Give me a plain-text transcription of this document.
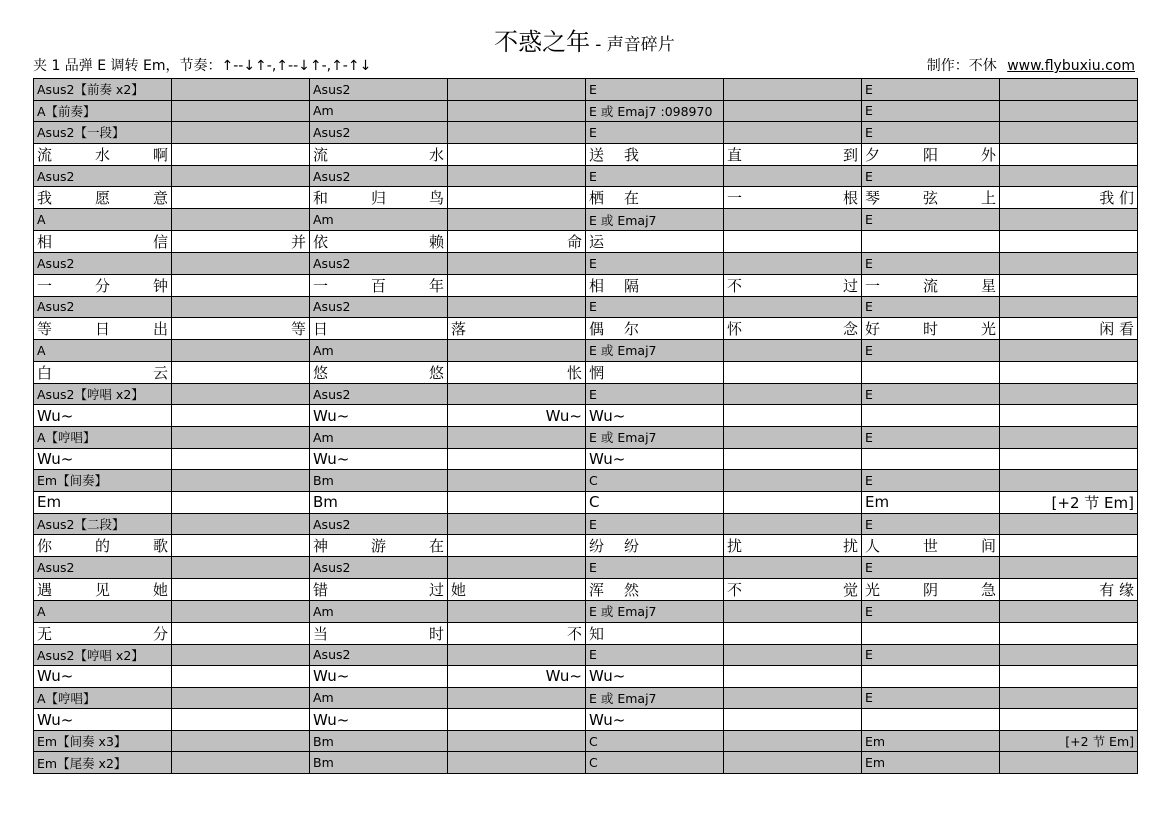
不惑之年 - 声音碎片
夹 1 品弹 E 调转 Em，节奏：↑--↓↑-,↑--↓↑-,↑-↑↓	制作：不休 www.flybuxiu.com
Asus2【前奏 x2】		Asus2		E		E	
A【前奏】		Am		E 或 Emaj7 :098970		E	
Asus2【一段】		Asus2		E		E	
流 水 啊		流 水		送 我	直 到	夕 阳 外	
Asus2		Asus2		E		E	
我 愿 意		和 归 鸟		栖 在	一 根	琴 弦 上	我 们
A		Am		E 或 Emaj7		E	
相 信	并	依 赖	命	运			
Asus2		Asus2		E		E	
一 分 钟		一 百 年		相 隔	不 过	一 流 星	
Asus2		Asus2		E		E	
等 日 出	等	日	落	偶 尔	怀 念	好 时 光	闲 看
A		Am		E 或 Emaj7		E	
白 云		悠 悠	怅	惘			
Asus2【哼唱 x2】		Asus2		E		E	
Wu~		Wu~	Wu~	Wu~			
A【哼唱】		Am		E 或 Emaj7		E	
Wu~		Wu~		Wu~			
Em【间奏】		Bm		C		E	
Em		Bm		C		Em	[+2 节 Em]
Asus2【二段】		Asus2		E		E	
你 的 歌		神 游 在		纷 纷	扰 扰	人 世 间	
Asus2		Asus2		E		E	
遇 见 她		错 过	她	浑 然	不 觉	光 阴 急	有 缘
A		Am		E 或 Emaj7		E	
无 分		当 时	不	知			
Asus2【哼唱 x2】		Asus2		E		E	
Wu~		Wu~	Wu~	Wu~			
A【哼唱】		Am		E 或 Emaj7		E	
Wu~		Wu~		Wu~			
Em【间奏 x3】		Bm		C		Em	[+2 节 Em]
Em【尾奏 x2】		Bm		C		Em	
